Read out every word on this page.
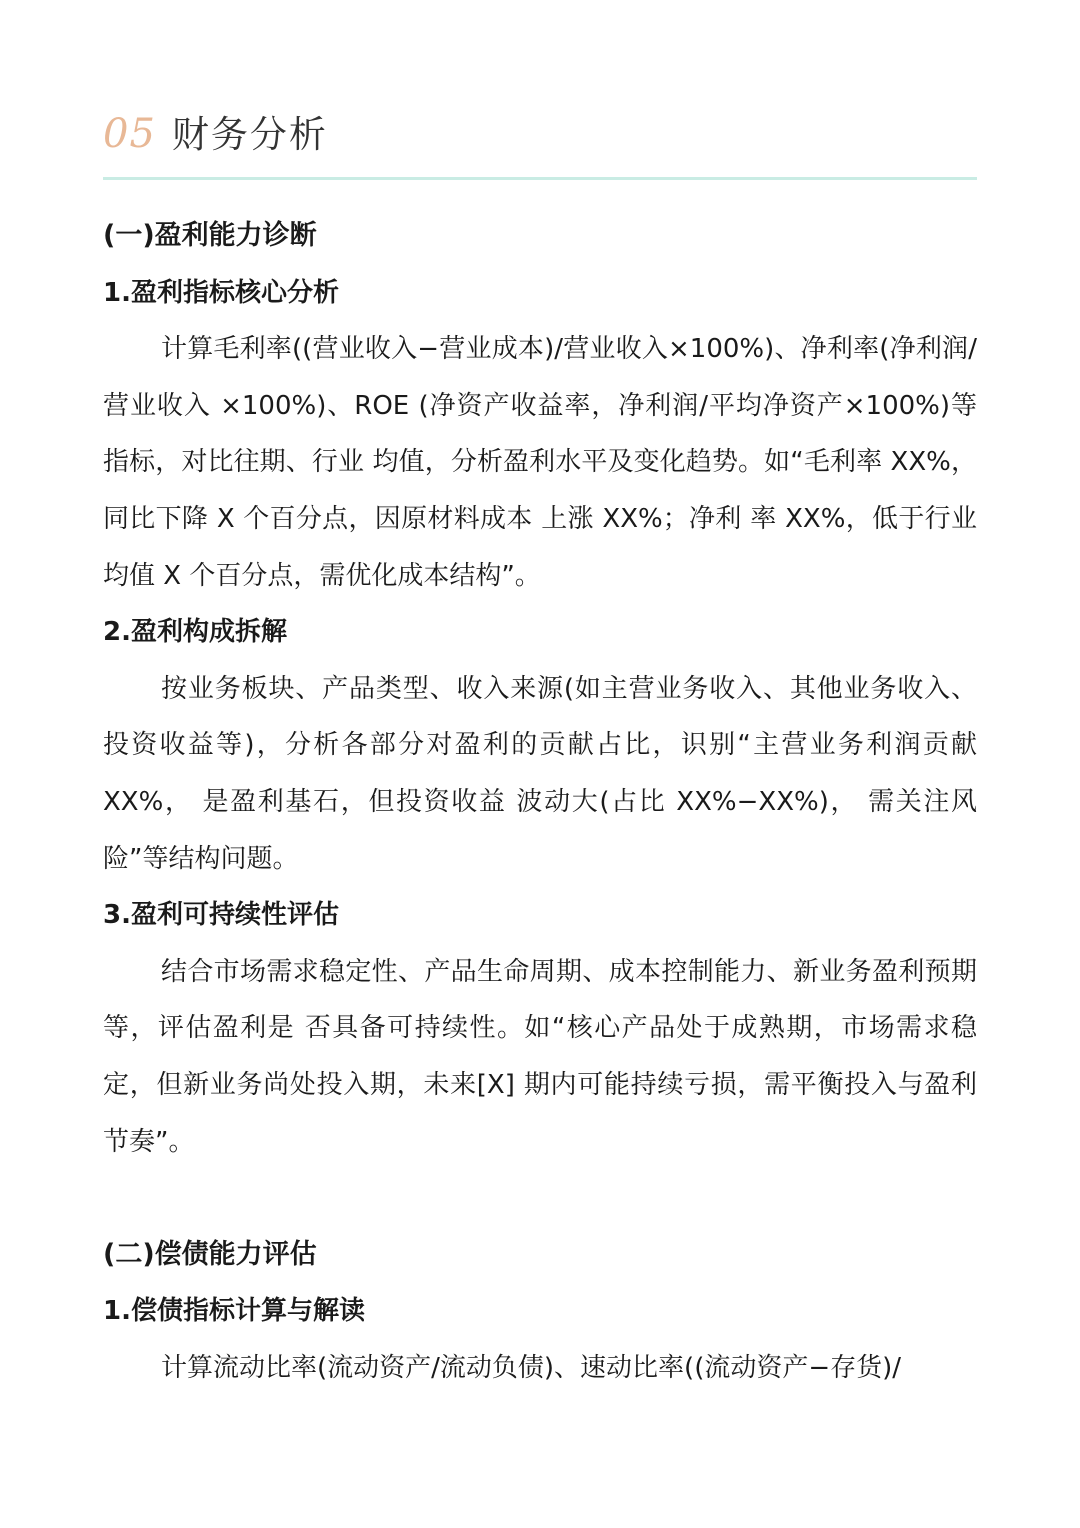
05 财务分析
(一)盈利能力诊断
1.盈利指标核心分析

计算毛利率((营业收入−营业成本)/营业收入×100%)、净利率(净利润/营业收入 ×100%)、ROE (净资产收益率，净利润/平均净资产×100%)等指标，对比往期、行业 均值，分析盈利水平及变化趋势。如“毛利率 XX%， 同比下降 X 个百分点，因原材料成本 上涨 XX%；净利 率 XX%，低于行业均值 X 个百分点，需优化成本结构”。

2.盈利构成拆解

按业务板块、产品类型、收入来源(如主营业务收入、其他业务收入、投资收益等)，分析各部分对盈利的贡献占比，识别“主营业务利润贡献 XX%， 是盈利基石，但投资收益 波动大(占比 XX%−XX%)， 需关注风险”等结构问题。

3.盈利可持续性评估

结合市场需求稳定性、产品生命周期、成本控制能力、新业务盈利预期等，评估盈利是 否具备可持续性。如“核心产品处于成熟期，市场需求稳定，但新业务尚处投入期，未来[X] 期内可能持续亏损，需平衡投入与盈利节奏”。

(二)偿债能力评估
1.偿债指标计算与解读

计算流动比率(流动资产/流动负债)、速动比率((流动资产−存货)/
